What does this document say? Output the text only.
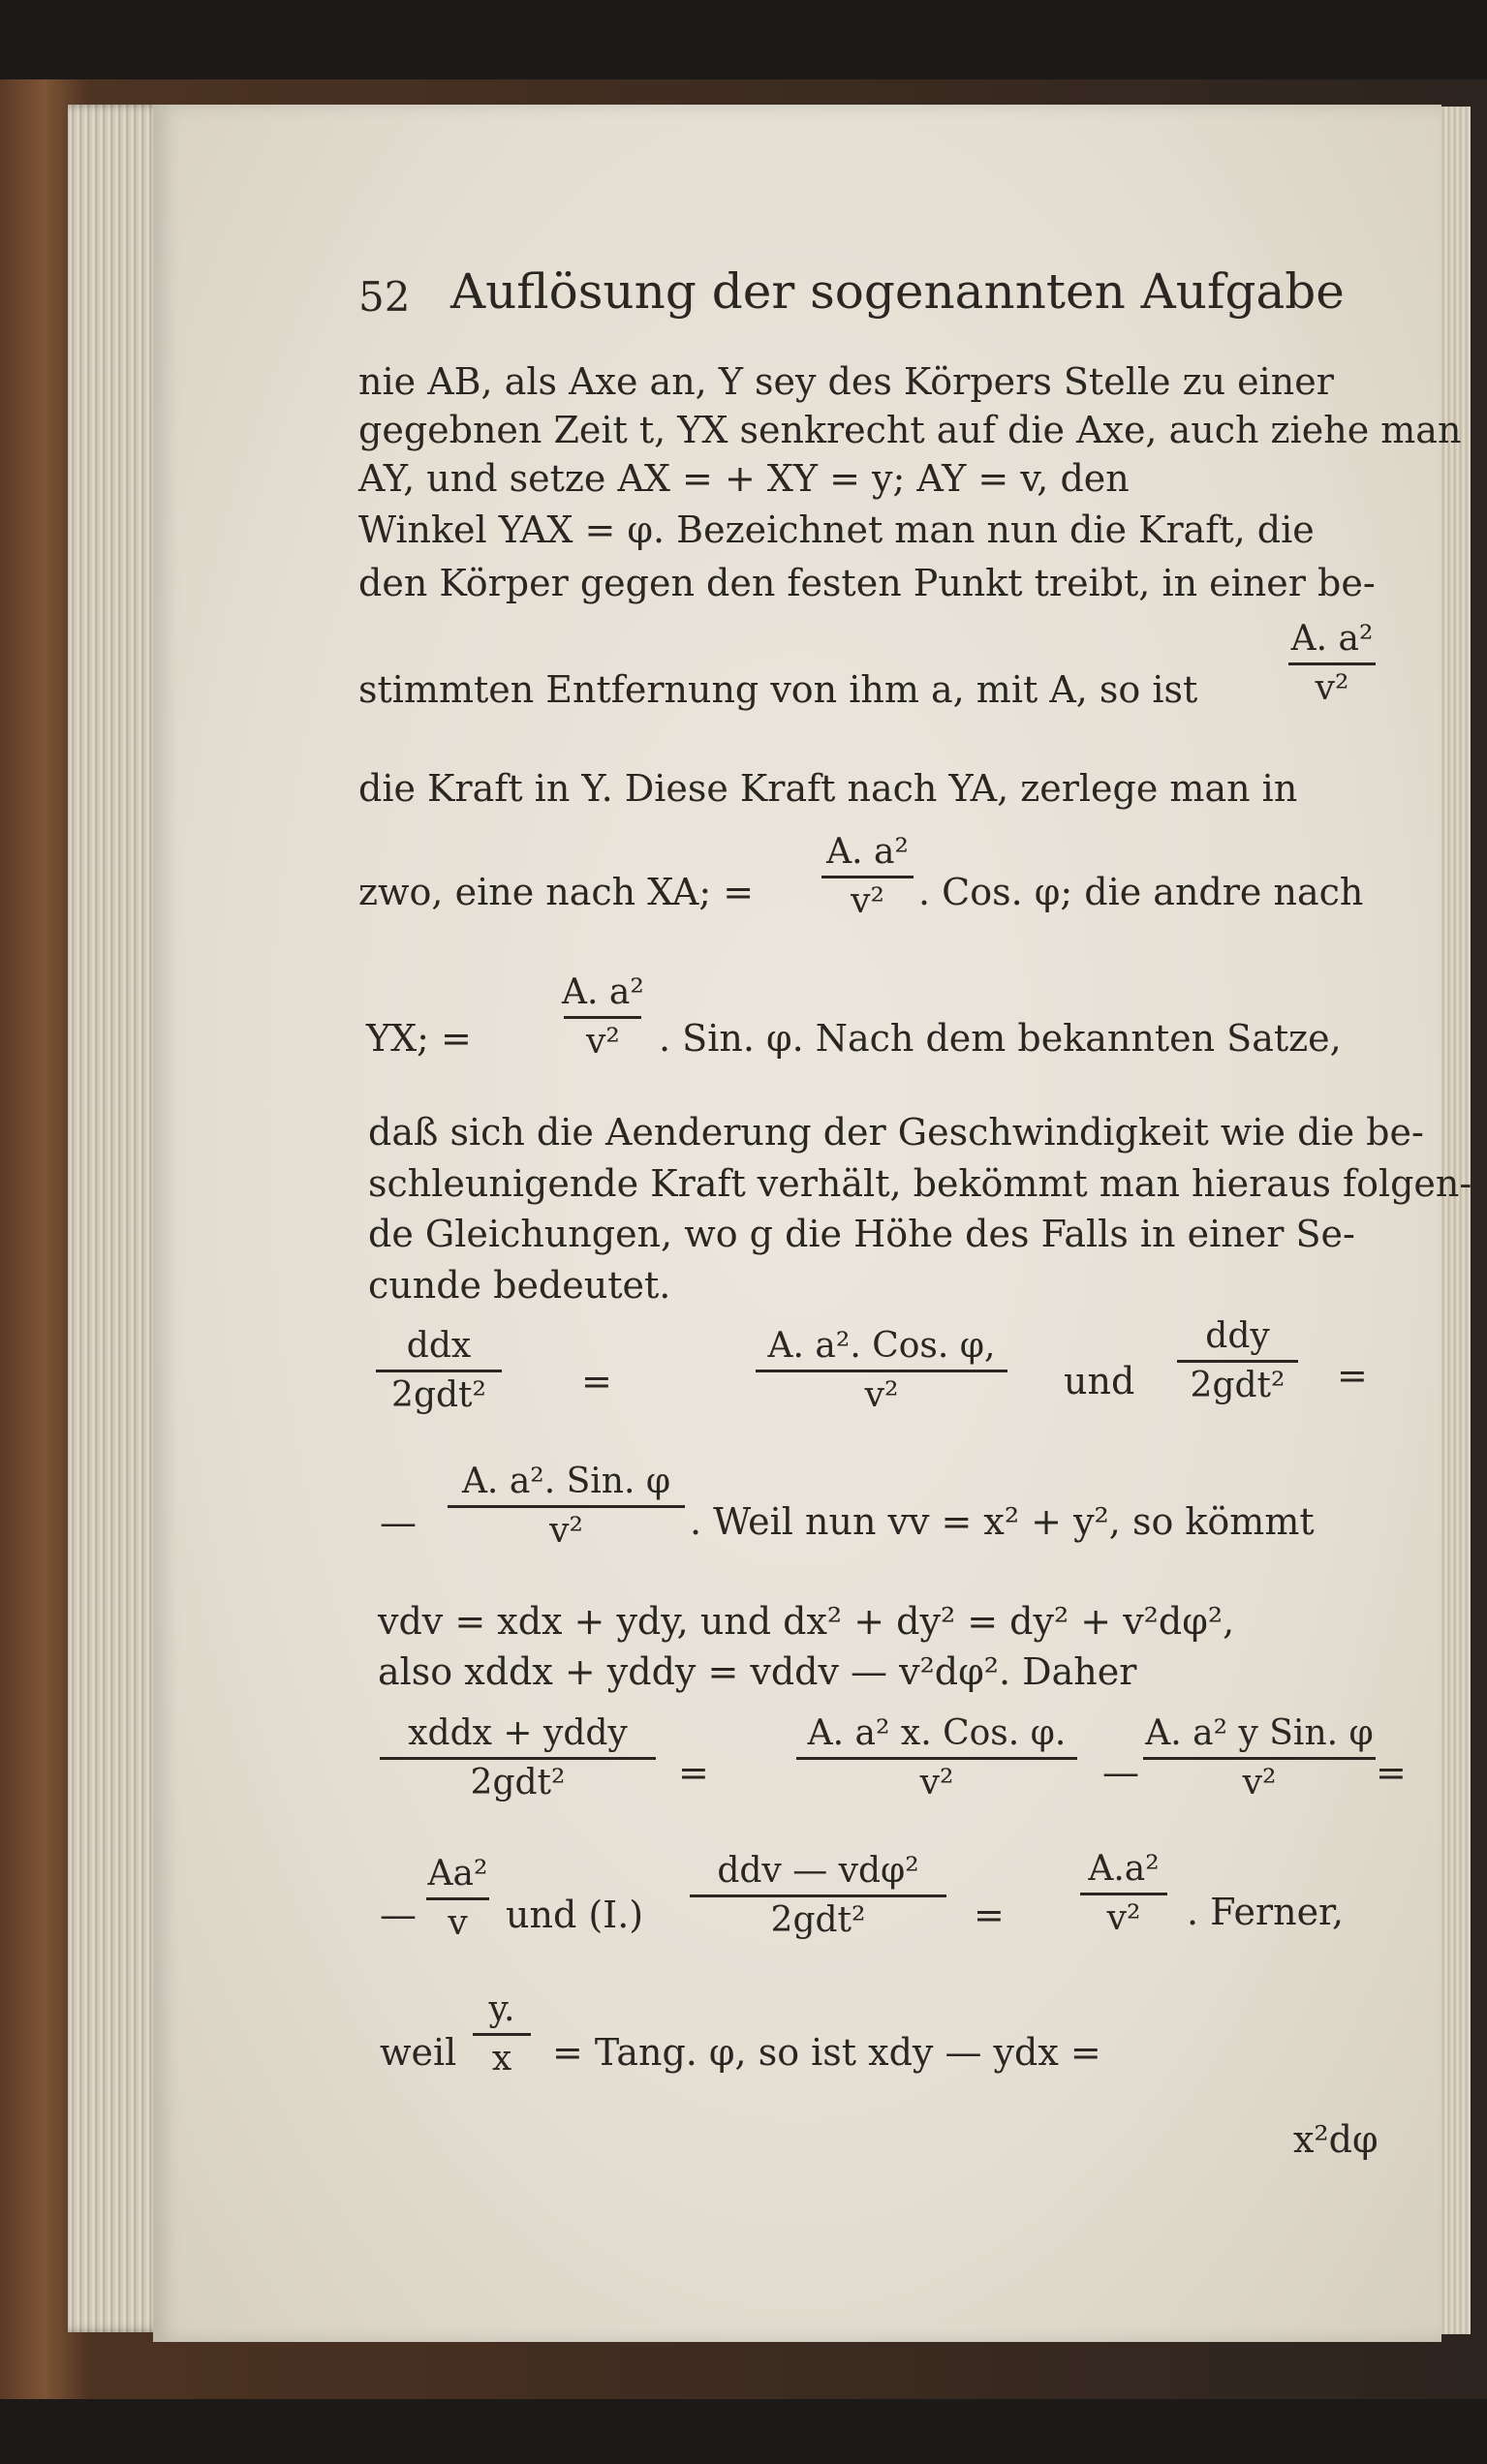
52 Auflösung der sogenannten Aufgabe
nie AB, als Axe an, Y sey des Körpers Stelle zu einer
gegebnen Zeit t, YX senkrecht auf die Axe, auch ziehe man
AY, und setze AX = + XY = y; AY = v, den
Winkel YAX = φ. Bezeichnet man nun die Kraft, die
den Körper gegen den festen Punkt treibt, in einer be-
stimmten Entfernung von ihm a, mit A, so ist
A. a²
v²
die Kraft in Y. Diese Kraft nach YA, zerlege man in
zwo, eine nach XA; =
A. a²
v² . Cos. φ; die andre nach
YX; =
A. a²
v² . Sin. φ. Nach dem bekannten Satze,
daß sich die Aenderung der Geschwindigkeit wie die be-
schleunigende Kraft verhält, bekömmt man hieraus folgen-
de Gleichungen, wo g die Höhe des Falls in einer Se-
cunde bedeutet.
ddx
2gdt²	=
A. a². Cos. φ,
v²	und
ddy
2gdt² =
—
A. a². Sin. φ
v²	. Weil nun vv = x² + y², so kömmt
vdv = xdx + ydy, und dx² + dy² = dy² + v²dφ²,
also xddx + yddy = vddv — v²dφ². Daher
xddx + yddy
2gdt²	=
A. a² x. Cos. φ.
v²	—
A. a² y Sin. φ
v²	=
—
Aa²
v und (I.)
ddv — vdφ²
2gdt²	=
A.a²
v² . Ferner,
weil
y.
x = Tang. φ, so ist xdy — ydx =
x²dφ
